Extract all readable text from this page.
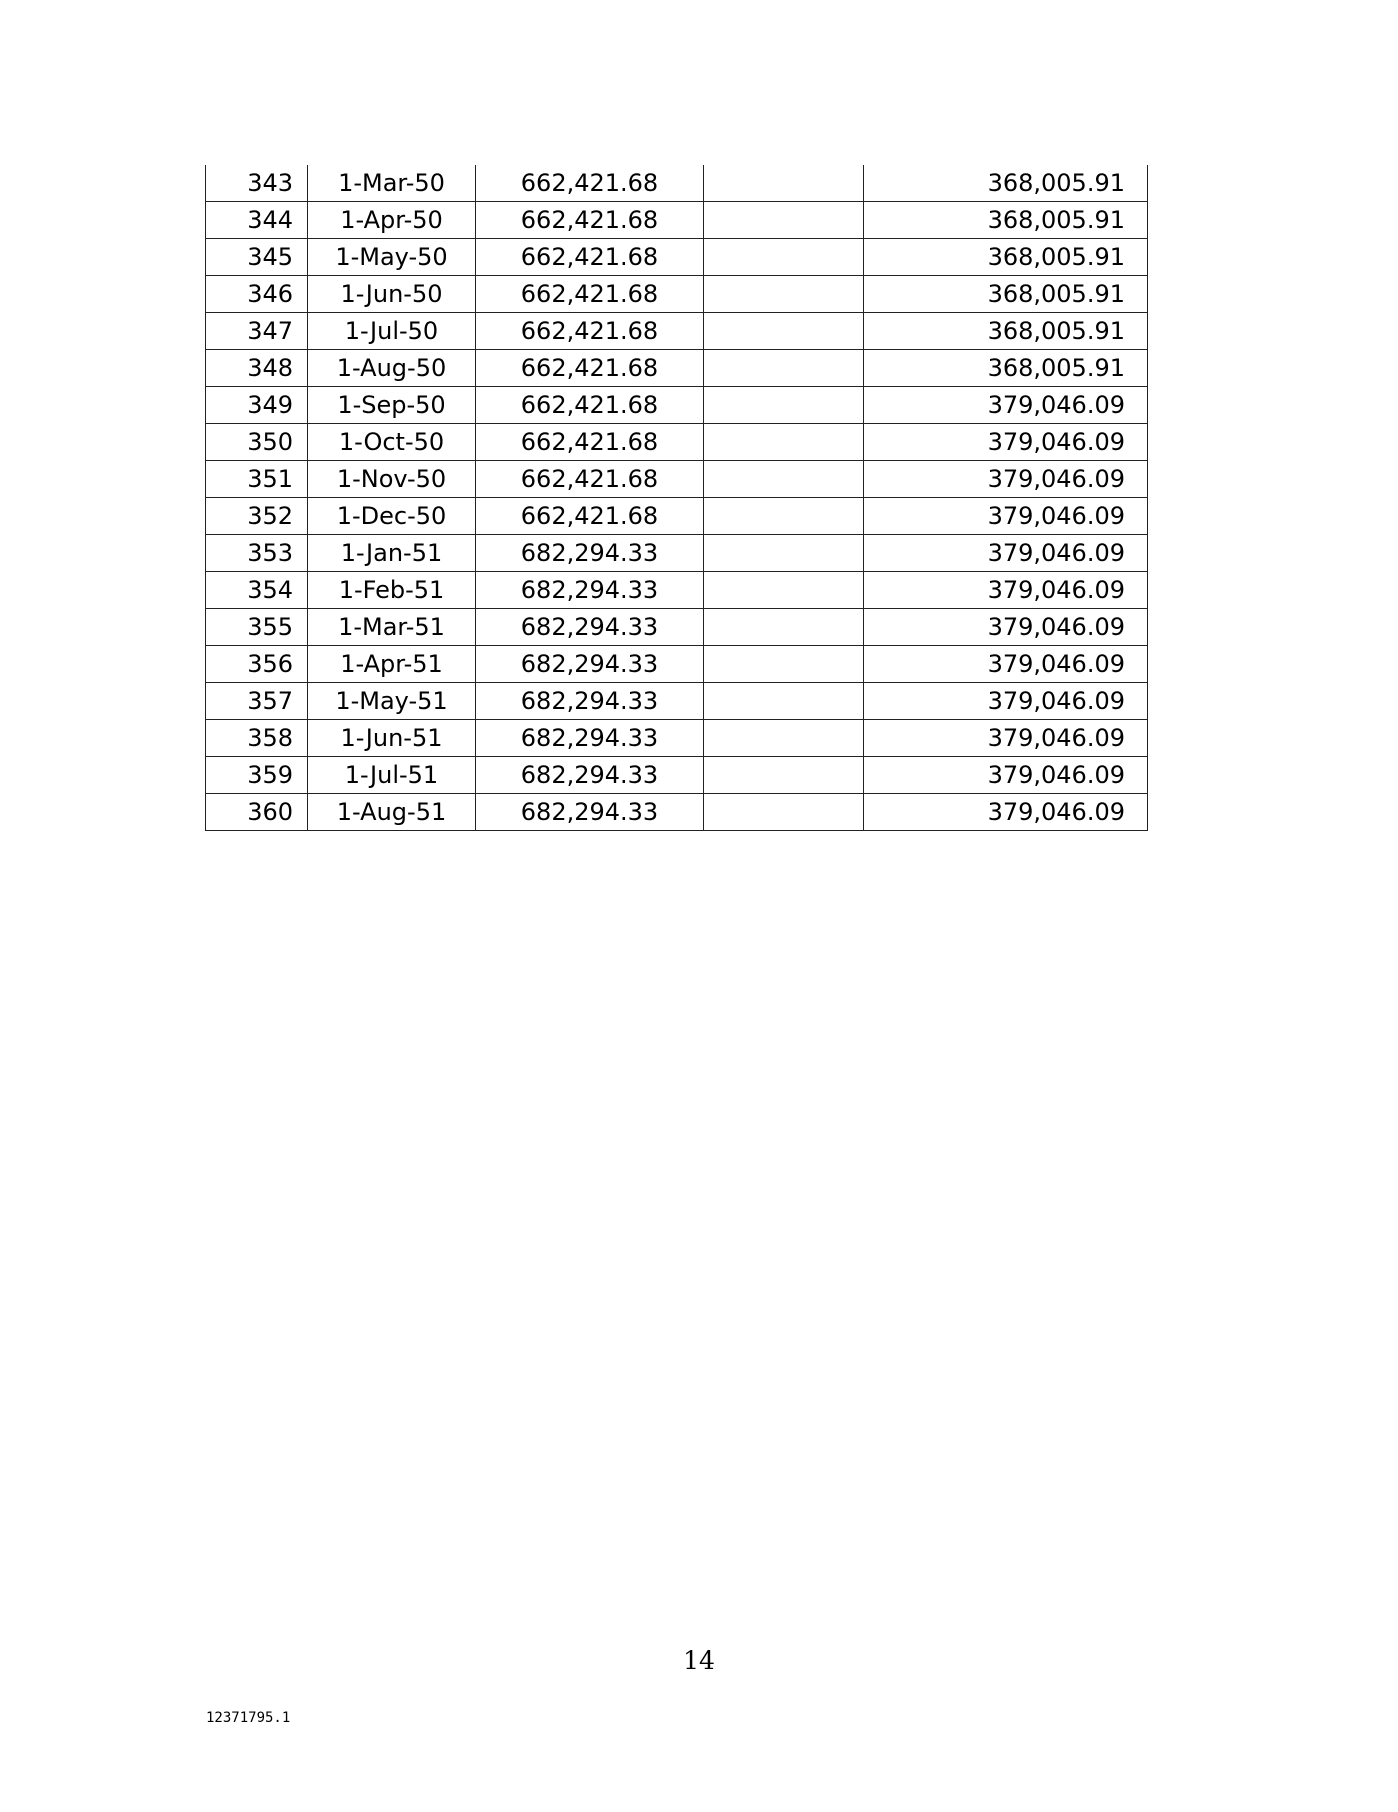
343	1-Mar-50	662,421.68		368,005.91
344	1-Apr-50	662,421.68		368,005.91
345	1-May-50	662,421.68		368,005.91
346	1-Jun-50	662,421.68		368,005.91
347	1-Jul-50	662,421.68		368,005.91
348	1-Aug-50	662,421.68		368,005.91
349	1-Sep-50	662,421.68		379,046.09
350	1-Oct-50	662,421.68		379,046.09
351	1-Nov-50	662,421.68		379,046.09
352	1-Dec-50	662,421.68		379,046.09
353	1-Jan-51	682,294.33		379,046.09
354	1-Feb-51	682,294.33		379,046.09
355	1-Mar-51	682,294.33		379,046.09
356	1-Apr-51	682,294.33		379,046.09
357	1-May-51	682,294.33		379,046.09
358	1-Jun-51	682,294.33		379,046.09
359	1-Jul-51	682,294.33		379,046.09
360	1-Aug-51	682,294.33		379,046.09
14
12371795.1
